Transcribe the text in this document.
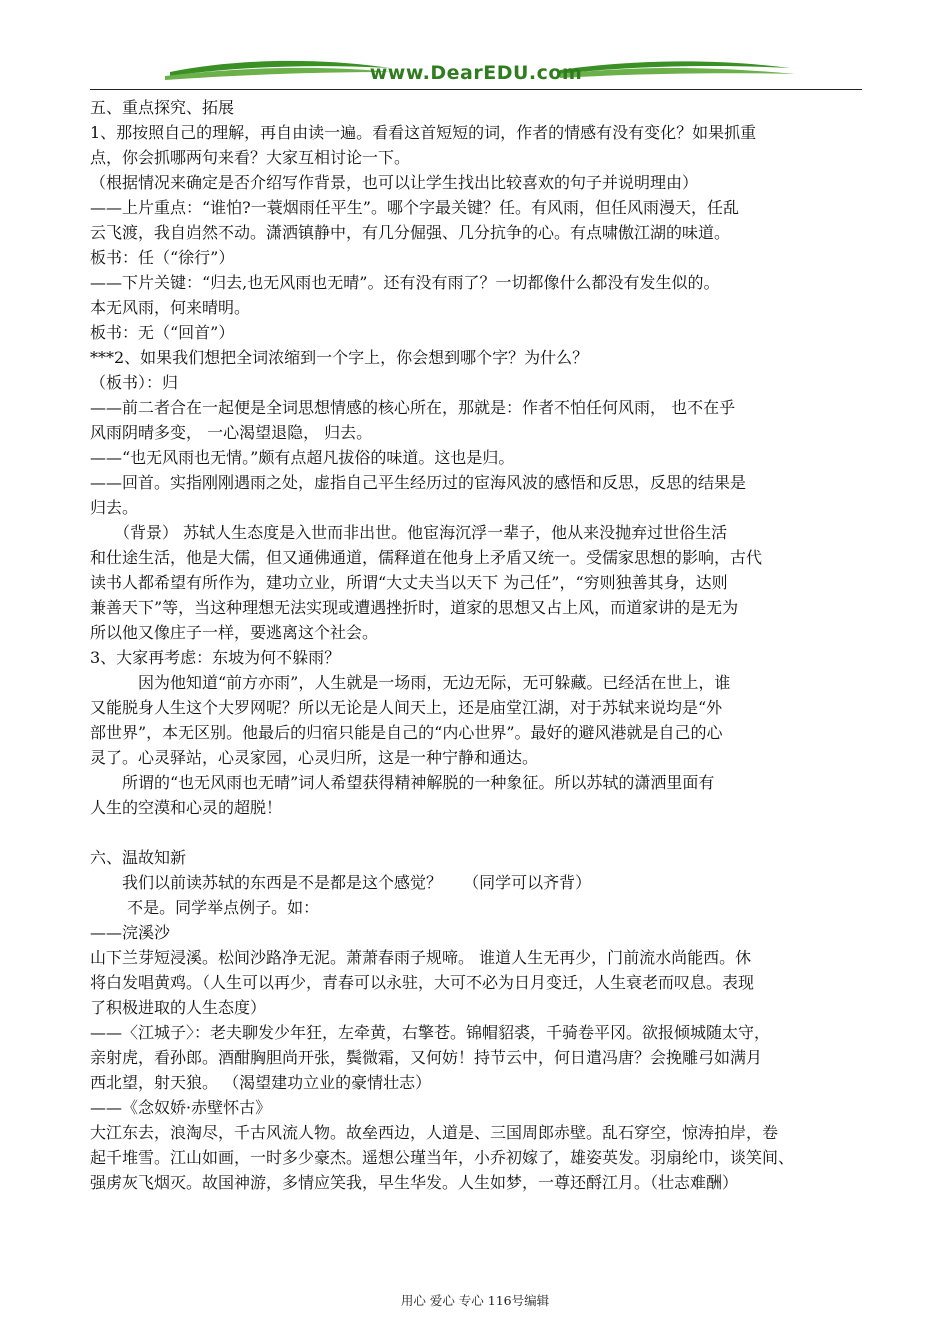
www.DearEDU.com
五、重点探究、拓展
1、那按照自己的理解，再自由读一遍。看看这首短短的词，作者的情感有没有变化？如果抓重
点，你会抓哪两句来看？大家互相讨论一下。
（根据情况来确定是否介绍写作背景，也可以让学生找出比较喜欢的句子并说明理由）
——上片重点：“谁怕?一蓑烟雨任平生”。哪个字最关键？任。有风雨，但任风雨漫天，任乱
云飞渡，我自岿然不动。潇洒镇静中，有几分倔强、几分抗争的心。有点啸傲江湖的味道。
板书：任（“徐行”）
——下片关键：“归去,也无风雨也无晴”。还有没有雨了？一切都像什么都没有发生似的。
本无风雨，何来晴明。
板书：无（“回首”）
***2、如果我们想把全词浓缩到一个字上，你会想到哪个字？为什么？
（板书）：归
——前二者合在一起便是全词思想情感的核心所在，那就是：作者不怕任何风雨， 也不在乎
风雨阴晴多变， 一心渴望退隐， 归去。
——“也无风雨也无情。”颇有点超凡拔俗的味道。这也是归。
——回首。实指刚刚遇雨之处，虚指自己平生经历过的宦海风波的感悟和反思，反思的结果是
归去。
　　（背景） 苏轼人生态度是入世而非出世。他宦海沉浮一辈子，他从来没抛弃过世俗生活
和仕途生活，他是大儒，但又通佛通道，儒释道在他身上矛盾又统一。受儒家思想的影响，古代
读书人都希望有所作为，建功立业，所谓“大丈夫当以天下 为己任”，“穷则独善其身，达则
兼善天下”等，当这种理想无法实现或遭遇挫折时，道家的思想又占上风，而道家讲的是无为
所以他又像庄子一样，要逃离这个社会。
3、大家再考虑：东坡为何不躲雨？
　　　因为他知道“前方亦雨”，人生就是一场雨，无边无际，无可躲藏。已经活在世上，谁
又能脱身人生这个大罗网呢？所以无论是人间天上，还是庙堂江湖，对于苏轼来说均是“外
部世界”，本无区别。他最后的归宿只能是自己的“内心世界”。最好的避风港就是自己的心
灵了。心灵驿站，心灵家园，心灵归所，这是一种宁静和通达。
　　所谓的“也无风雨也无晴”词人希望获得精神解脱的一种象征。所以苏轼的潇洒里面有
人生的空漠和心灵的超脱！
六、温故知新
　　我们以前读苏轼的东西是不是都是这个感觉？　 （同学可以齐背）
　　 不是。同学举点例子。如：
——浣溪沙
山下兰芽短浸溪。松间沙路净无泥。萧萧春雨子规啼。 谁道人生无再少，门前流水尚能西。休
将白发唱黄鸡。（人生可以再少，青春可以永驻，大可不必为日月变迁，人生衰老而叹息。表现
了积极进取的人生态度）
——〈江城子〉：老夫聊发少年狂，左牵黄，右擎苍。锦帽貂裘，千骑卷平冈。欲报倾城随太守，
亲射虎，看孙郎。酒酣胸胆尚开张，鬓微霜，又何妨！持节云中，何日遣冯唐？会挽雕弓如满月
西北望，射天狼。 （渴望建功立业的豪情壮志）
——《念奴娇·赤壁怀古》
大江东去，浪淘尽，千古风流人物。故垒西边，人道是、三国周郎赤壁。乱石穿空，惊涛拍岸，卷
起千堆雪。江山如画，一时多少豪杰。遥想公瑾当年，小乔初嫁了，雄姿英发。羽扇纶巾，谈笑间、
强虏灰飞烟灭。故国神游，多情应笑我，早生华发。人生如梦，一尊还酹江月。（壮志难酬）
用心 爱心 专心 116号编辑
